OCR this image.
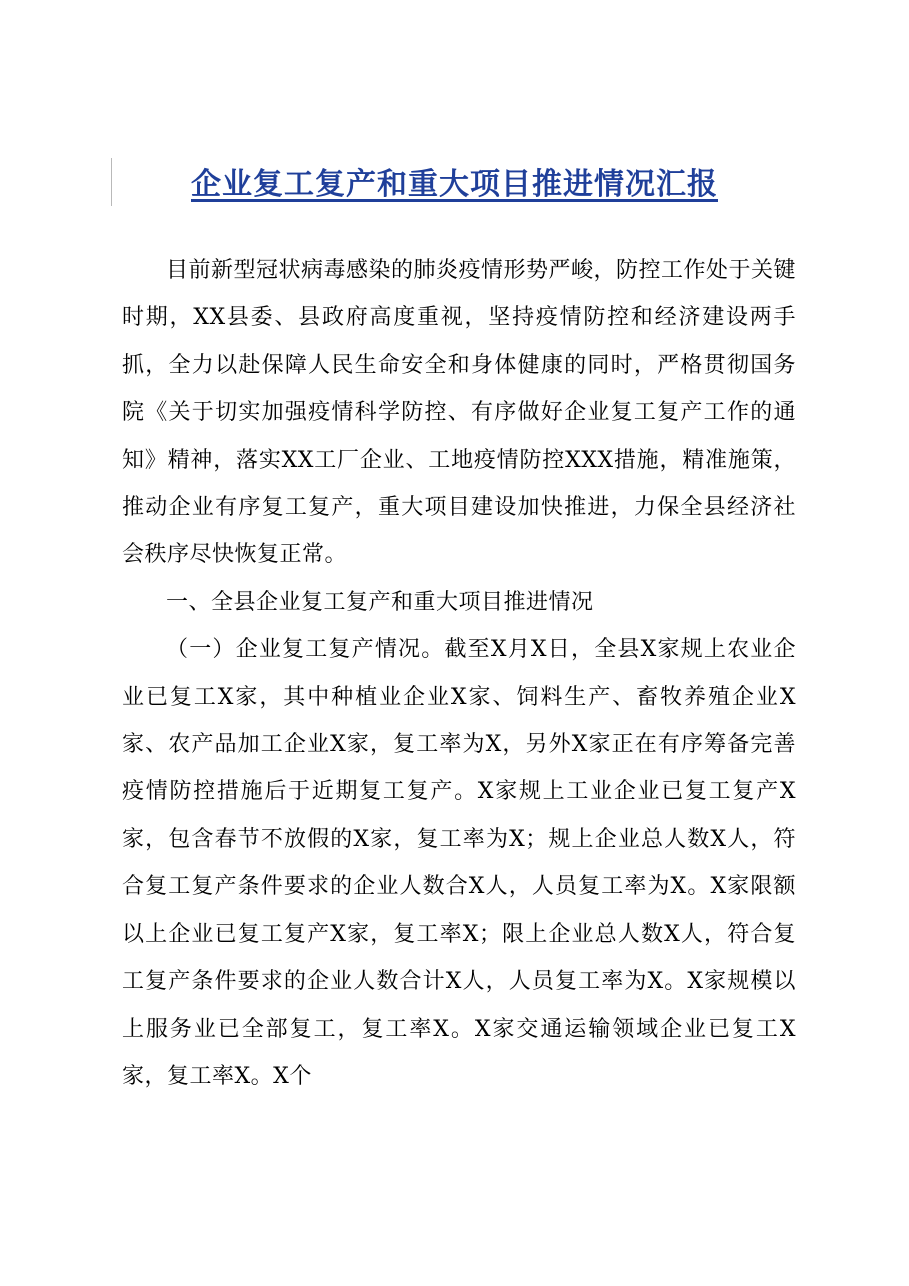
企业复工复产和重大项目推进情况汇报

目前新型冠状病毒感染的肺炎疫情形势严峻，防控工作处于关键时期，XX县委、县政府高度重视，坚持疫情防控和经济建设两手抓，全力以赴保障人民生命安全和身体健康的同时，严格贯彻国务院《关于切实加强疫情科学防控、有序做好企业复工复产工作的通知》精神，落实XX工厂企业、工地疫情防控XXX措施，精准施策，推动企业有序复工复产，重大项目建设加快推进，力保全县经济社会秩序尽快恢复正常。

一、全县企业复工复产和重大项目推进情况

（一）企业复工复产情况。截至X月X日，全县X家规上农业企业已复工X家，其中种植业企业X家、饲料生产、畜牧养殖企业X家、农产品加工企业X家，复工率为X，另外X家正在有序筹备完善疫情防控措施后于近期复工复产。X家规上工业企业已复工复产X家，包含春节不放假的X家，复工率为X；规上企业总人数X人，符合复工复产条件要求的企业人数合X人，人员复工率为X。X家限额以上企业已复工复产X家，复工率X；限上企业总人数X人，符合复工复产条件要求的企业人数合计X人，人员复工率为X。X家规模以上服务业已全部复工，复工率X。X家交通运输领域企业已复工X家，复工率X。X个
